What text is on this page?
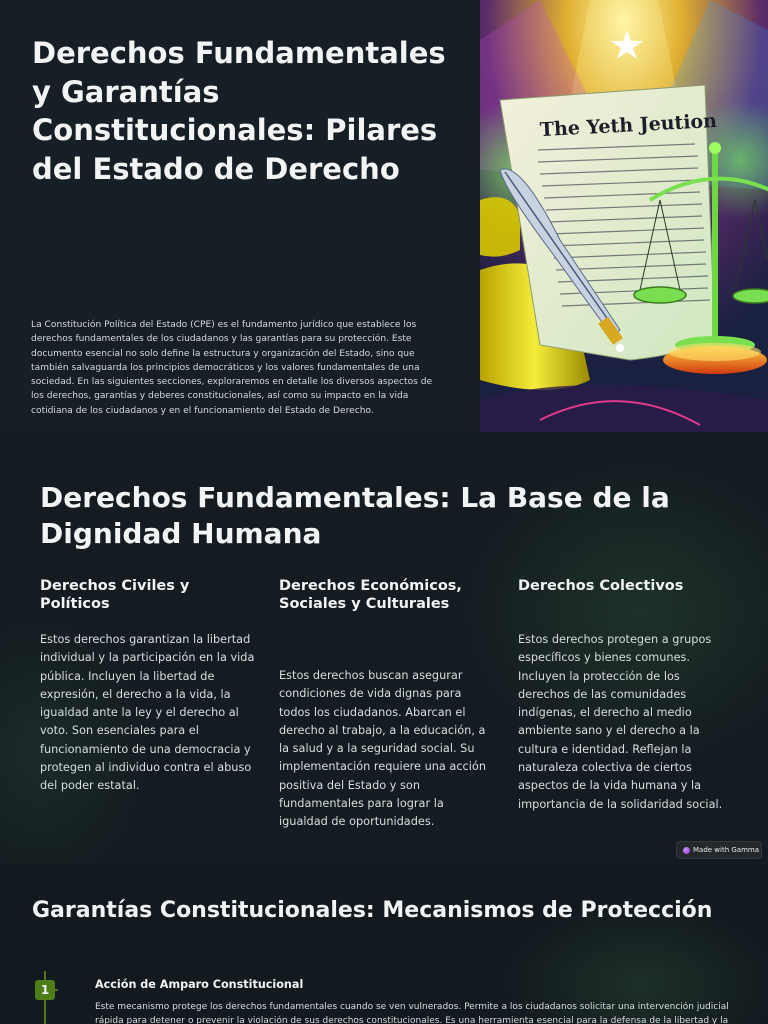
Derechos Fundamentales y Garantías Constitucionales: Pilares del Estado de Derecho

La Constitución Política del Estado (CPE) es el fundamento jurídico que establece los derechos fundamentales de los ciudadanos y las garantías para su protección. Este documento esencial no solo define la estructura y organización del Estado, sino que también salvaguarda los principios democráticos y los valores fundamentales de una sociedad. En las siguientes secciones, exploraremos en detalle los diversos aspectos de los derechos, garantías y deberes constitucionales, así como su impacto en la vida cotidiana de los ciudadanos y en el funcionamiento del Estado de Derecho.

The Yeth Jeution
Derechos Fundamentales: La Base de la Dignidad Humana
Derechos Civiles y Políticos

Estos derechos garantizan la libertad individual y la participación en la vida pública. Incluyen la libertad de expresión, el derecho a la vida, la igualdad ante la ley y el derecho al voto. Son esenciales para el funcionamiento de una democracia y protegen al individuo contra el abuso del poder estatal.

Derechos Económicos, Sociales y Culturales

Estos derechos buscan asegurar condiciones de vida dignas para todos los ciudadanos. Abarcan el derecho al trabajo, a la educación, a la salud y a la seguridad social. Su implementación requiere una acción positiva del Estado y son fundamentales para lograr la igualdad de oportunidades.

Derechos Colectivos

Estos derechos protegen a grupos específicos y bienes comunes. Incluyen la protección de los derechos de las comunidades indígenas, el derecho al medio ambiente sano y el derecho a la cultura e identidad. Reflejan la naturaleza colectiva de ciertos aspectos de la vida humana y la importancia de la solidaridad social.

Made with Gamma
Garantías Constitucionales: Mecanismos de Protección
1	Acción de Amparo Constitucional

Este mecanismo protege los derechos fundamentales cuando se ven vulnerados. Permite a los ciudadanos solicitar una intervención judicial rápida para detener o prevenir la violación de sus derechos constitucionales. Es una herramienta esencial para la defensa de la libertad y la
